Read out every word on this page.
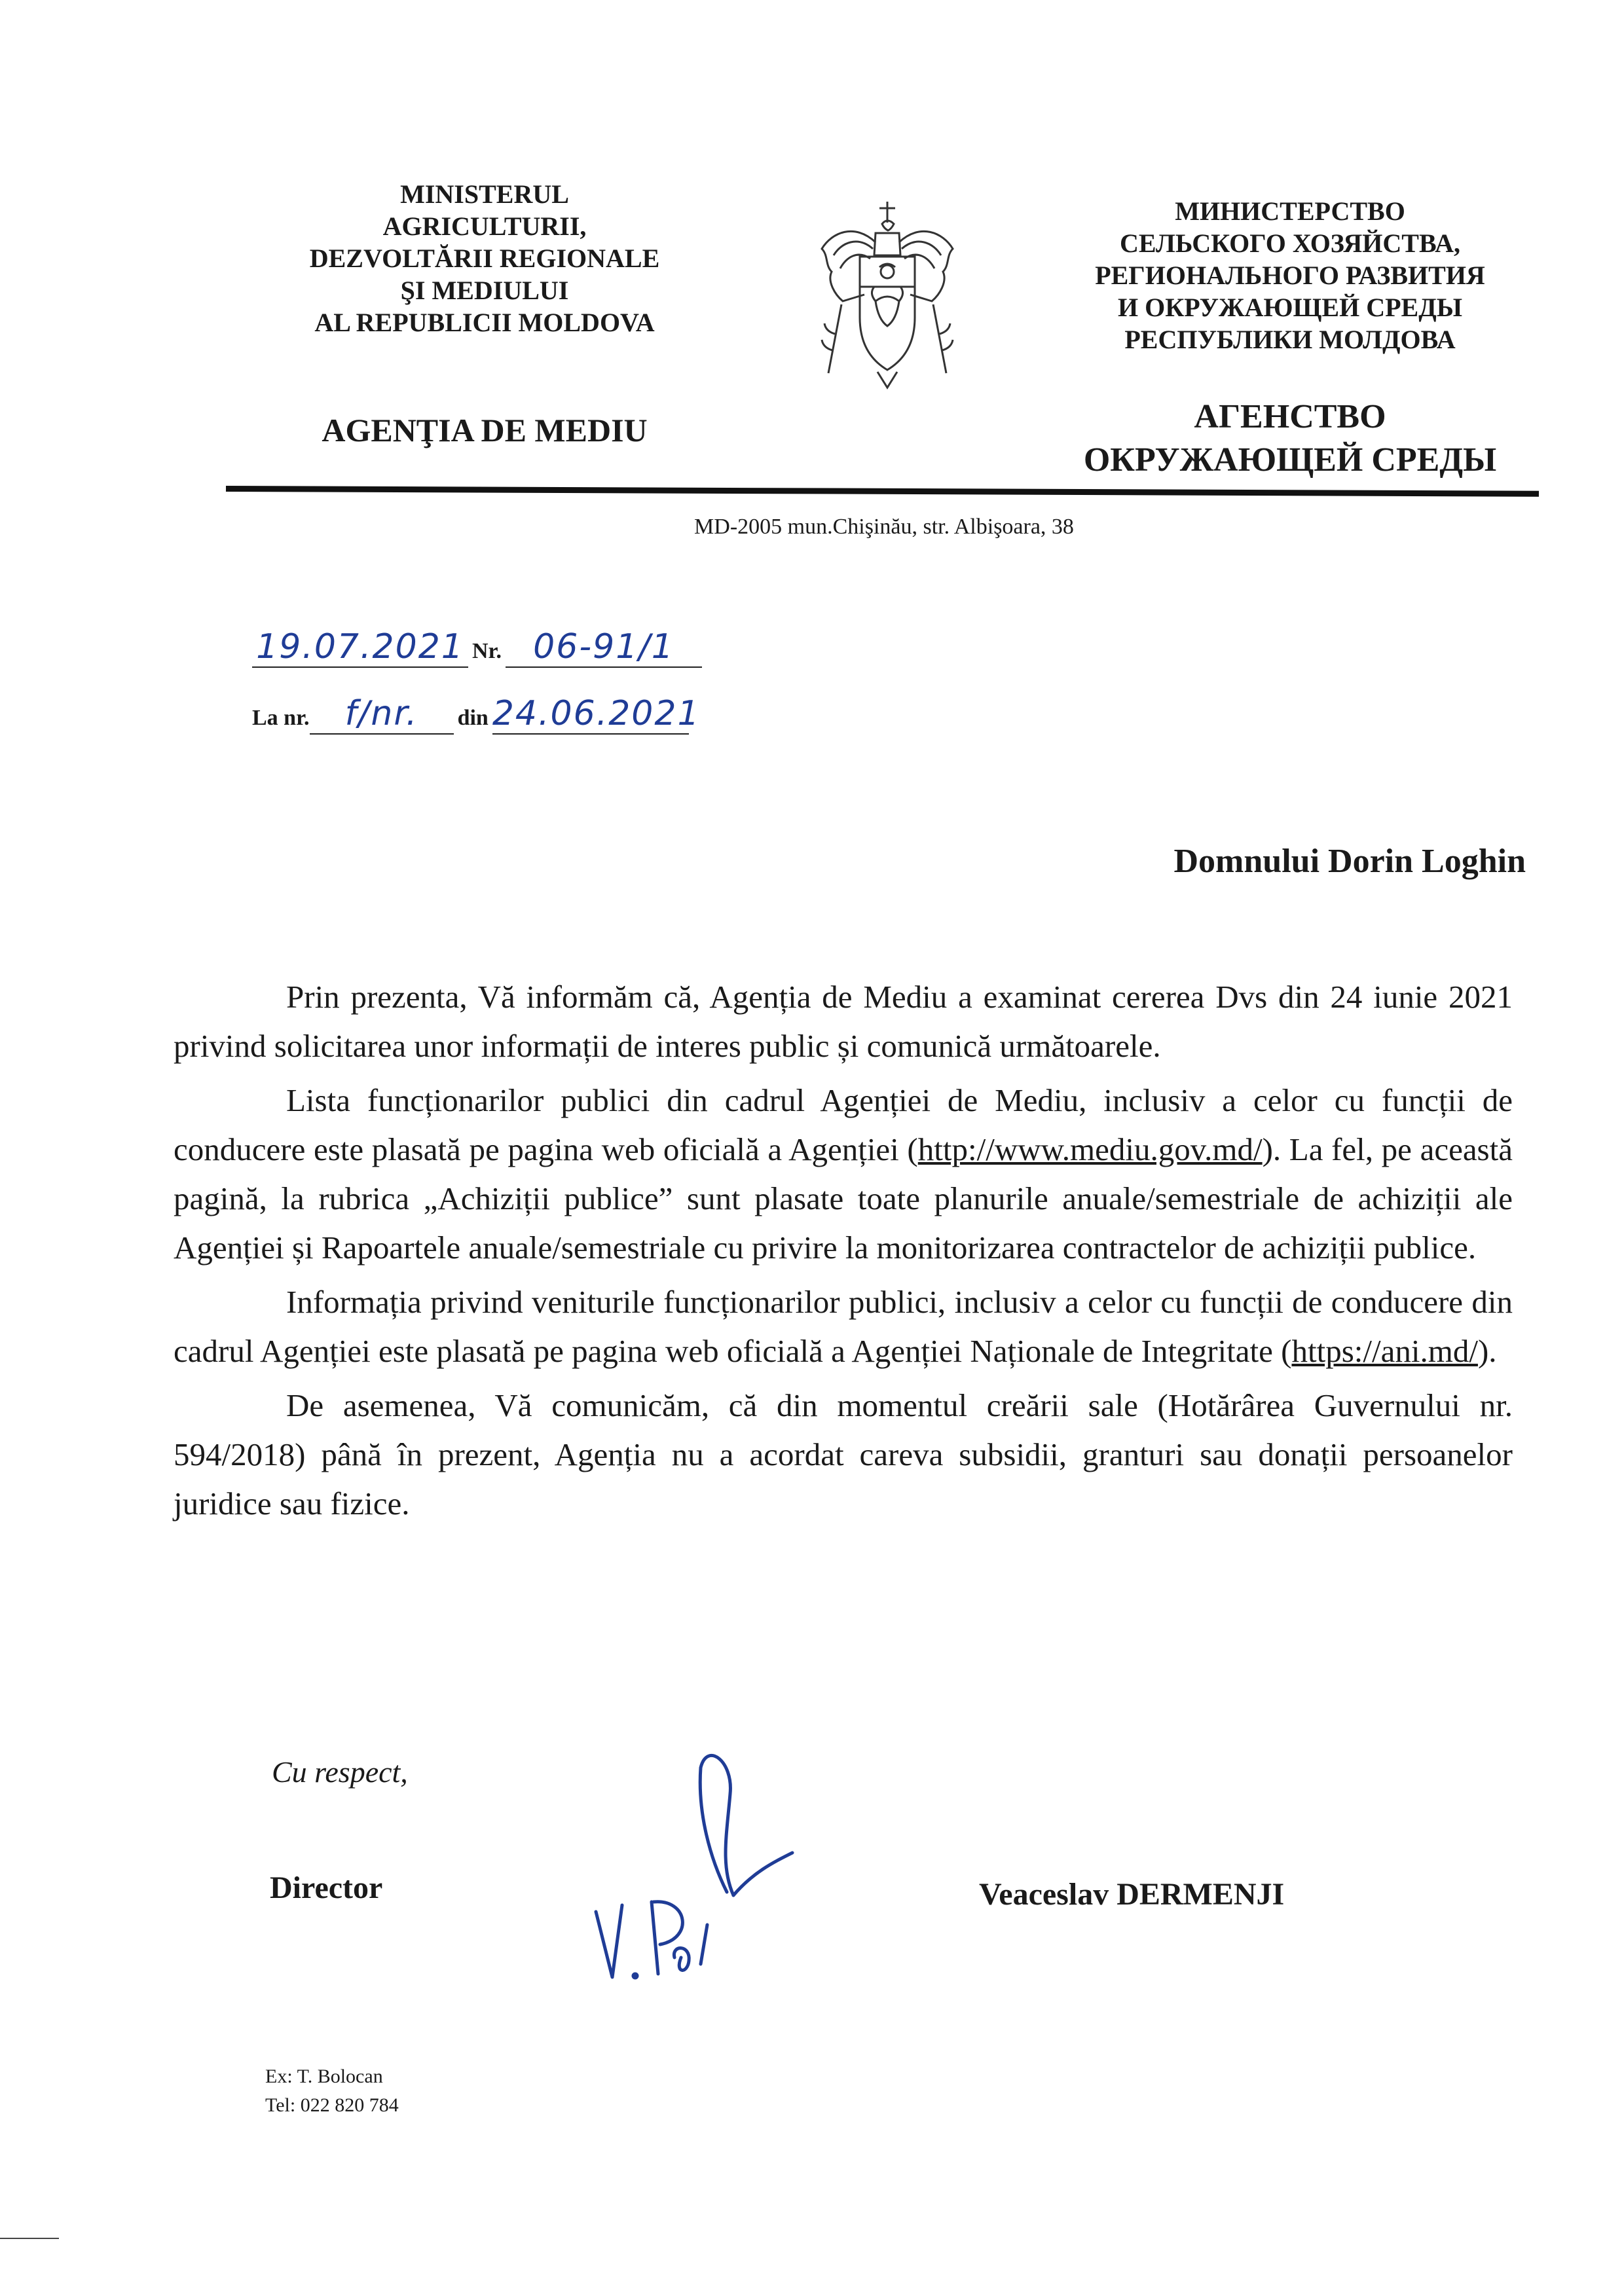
MINISTERUL
AGRICULTURII,
DEZVOLTĂRII REGIONALE
ŞI MEDIULUI
AL REPUBLICII MOLDOVA
МИНИСТЕРСТВО
СЕЛЬСКОГО ХОЗЯЙСТВА,
РЕГИОНАЛЬНОГО РАЗВИТИЯ
И ОКРУЖАЮЩЕЙ СРЕДЫ
РЕСПУБЛИКИ МОЛДОВА
AGENŢIA DE MEDIU	АГЕНСТВО
ОКРУЖАЮЩЕЙ СРЕДЫ
MD-2005 mun.Chişinău, str. Albişoara, 38
19.07.2021 Nr. 06-91/1
La nr. f/nr. din 24.06.2021
Domnului Dorin Loghin

Prin prezenta, Vă informăm că, Agenția de Mediu a examinat cererea Dvs din 24 iunie 2021 privind solicitarea unor informații de interes public și comunică următoarele.

Lista funcționarilor publici din cadrul Agenției de Mediu, inclusiv a celor cu funcții de conducere este plasată pe pagina web oficială a Agenției (http://www.mediu.gov.md/). La fel, pe această pagină, la rubrica „Achiziții publice” sunt plasate toate planurile anuale/semestriale de achiziții ale Agenției și Rapoartele anuale/semestriale cu privire la monitorizarea contractelor de achiziții publice.

Informația privind veniturile funcționarilor publici, inclusiv a celor cu funcții de conducere din cadrul Agenției este plasată pe pagina web oficială a Agenției Naționale de Integritate (https://ani.md/).

De asemenea, Vă comunicăm, că din momentul creării sale (Hotărârea Guvernului nr. 594/2018) până în prezent, Agenția nu a acordat careva subsidii, granturi sau donații persoanelor juridice sau fizice.

Cu respect,
Director	Veaceslav DERMENJI
Ex: T. Bolocan
Tel: 022 820 784
